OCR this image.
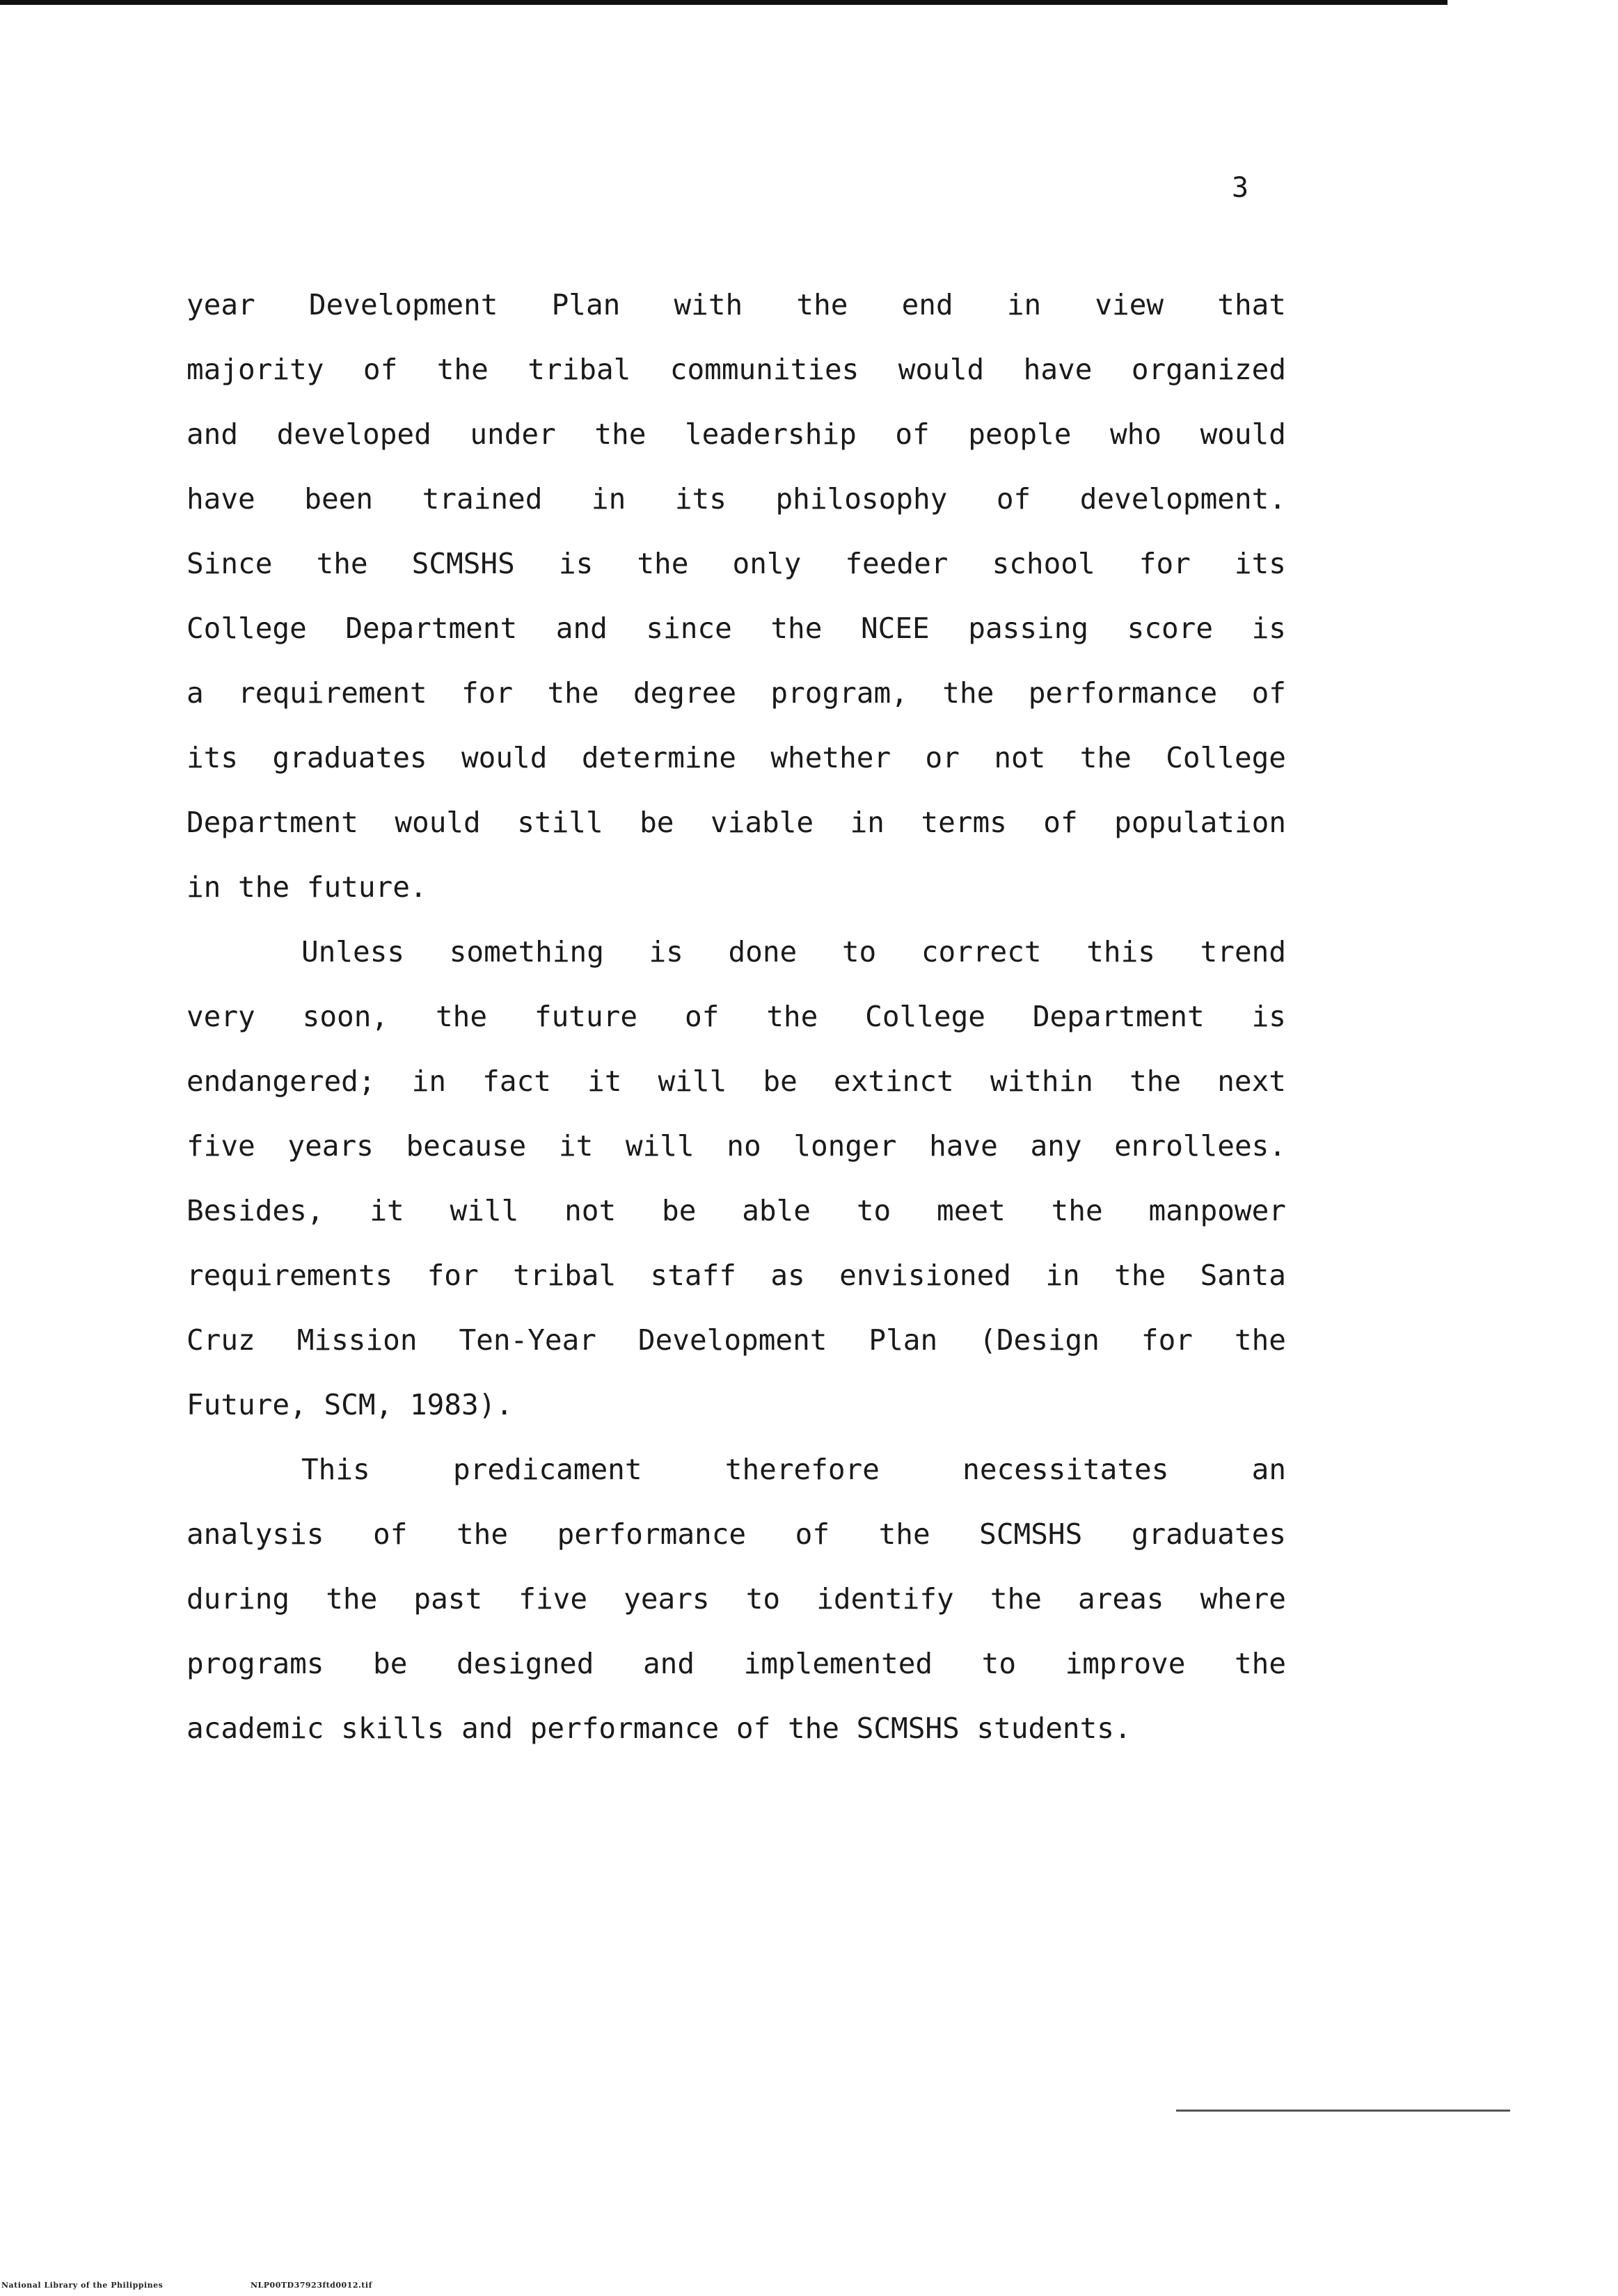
3
year Development Plan with the end in view that
majority of the tribal communities would have organized
and developed under the leadership of people who would
have been trained in its philosophy of development.
Since the SCMSHS is the only feeder school for its
College Department and since the NCEE passing score is
a requirement for the degree program, the performance of
its graduates would determine whether or not the College
Department would still be viable in terms of population
in the future.
Unless something is done to correct this trend
very soon, the future of the College Department is
endangered; in fact it will be extinct within the next
five years because it will no longer have any enrollees.
Besides, it will not be able to meet the manpower
requirements for tribal staff as envisioned in the Santa
Cruz Mission Ten-Year Development Plan (Design for the
Future, SCM, 1983).
This predicament therefore necessitates an
analysis of the performance of the SCMSHS graduates
during the past five years to identify the areas where
programs be designed and implemented to improve the
academic skills and performance of the SCMSHS students.
National Library of the Philippines	NLP00TD37923ftd0012.tif
